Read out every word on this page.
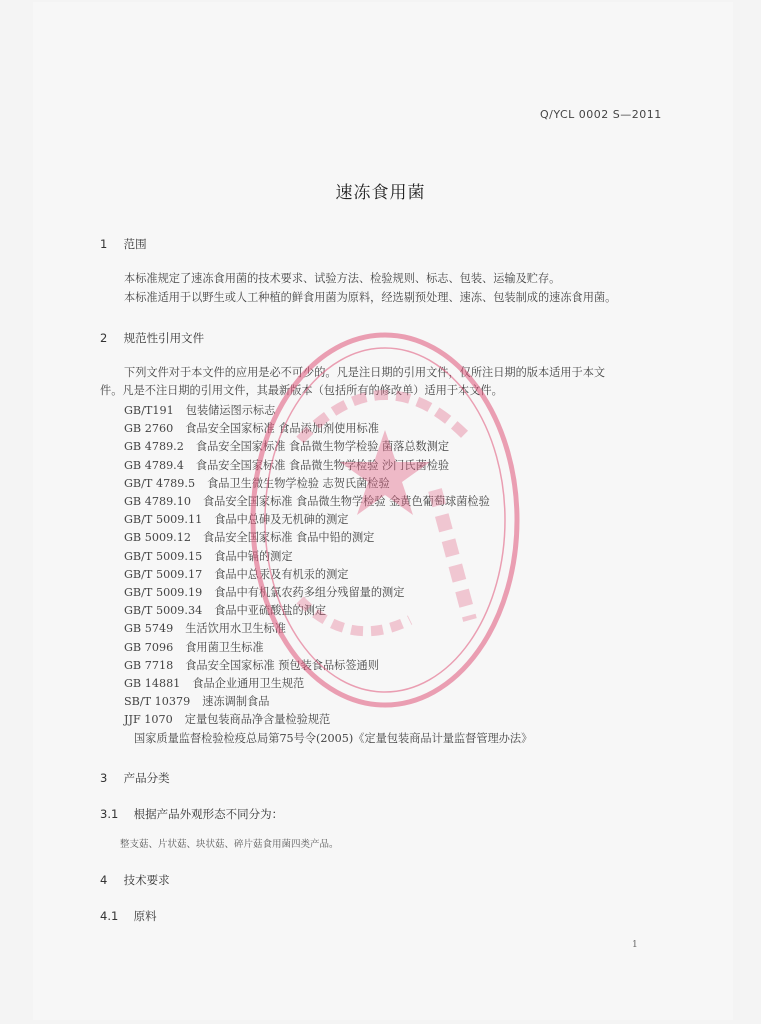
Q/YCL 0002 S—2011
速冻食用菌
1 范围
本标准规定了速冻食用菌的技术要求、试验方法、检验规则、标志、包装、运输及贮存。
本标准适用于以野生或人工种植的鲜食用菌为原料，经选剔预处理、速冻、包装制成的速冻食用菌。
2 规范性引用文件
下列文件对于本文件的应用是必不可少的。凡是注日期的引用文件，仅所注日期的版本适用于本文
件。凡是不注日期的引用文件，其最新版本（包括所有的修改单）适用于本文件。
GB/T191 包装储运图示标志
GB 2760 食品安全国家标准 食品添加剂使用标准
GB 4789.2 食品安全国家标准 食品微生物学检验 菌落总数测定
GB 4789.4 食品安全国家标准 食品微生物学检验 沙门氏菌检验
GB/T 4789.5 食品卫生微生物学检验 志贺氏菌检验
GB 4789.10 食品安全国家标准 食品微生物学检验 金黄色葡萄球菌检验
GB/T 5009.11 食品中总砷及无机砷的测定
GB 5009.12 食品安全国家标准 食品中铅的测定
GB/T 5009.15 食品中镉的测定
GB/T 5009.17 食品中总汞及有机汞的测定
GB/T 5009.19 食品中有机氯农药多组分残留量的测定
GB/T 5009.34 食品中亚硫酸盐的测定
GB 5749 生活饮用水卫生标准
GB 7096 食用菌卫生标准
GB 7718 食品安全国家标准 预包装食品标签通则
GB 14881 食品企业通用卫生规范
SB/T 10379 速冻调制食品
JJF 1070 定量包装商品净含量检验规范
国家质量监督检验检疫总局第75号令(2005)《定量包装商品计量监督管理办法》
3 产品分类
3.1 根据产品外观形态不同分为：
整支菇、片状菇、块状菇、碎片菇食用菌四类产品。
4 技术要求
4.1 原料
1
